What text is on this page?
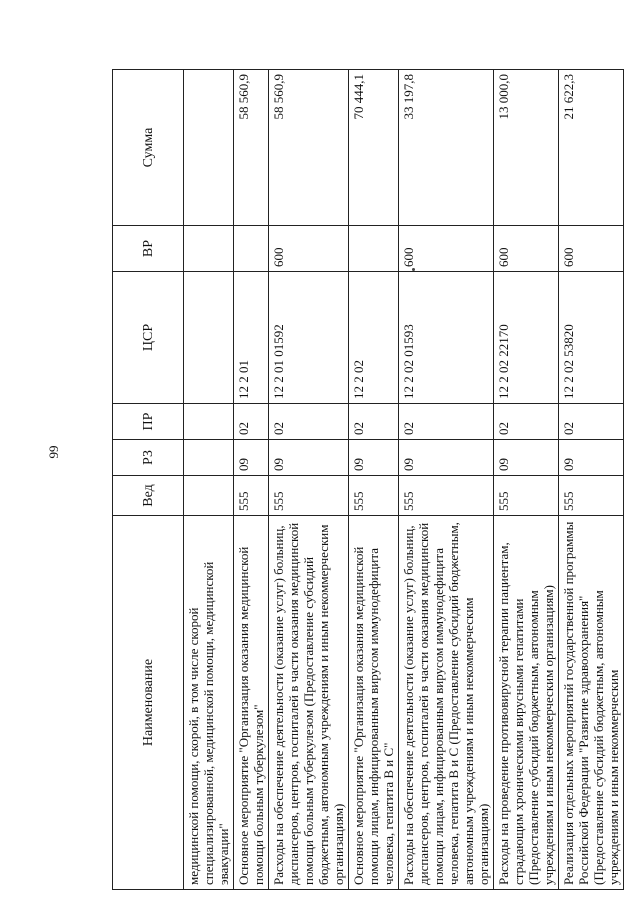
99
Наименование	Вед	РЗ	ПР	ЦСР	ВР	Сумма
медицинской помощи, скорой, в том числе скорой специализированной, медицинской помощи, медицинской эвакуации"						
Основное мероприятие "Организация оказания медицинской помощи больным туберкулезом"	555	09	02	12 2 01		58 560,9
Расходы на обеспечение деятельности (оказание услуг) больниц, диспансеров, центров, госпиталей в части оказания медицинской помощи больным туберкулезом (Предоставление субсидий бюджетным, автономным учреждениям и иным некоммерческим организациям)	555	09	02	12 2 01 01592	600	58 560,9
Основное мероприятие "Организация оказания медицинской помощи лицам, инфицированным вирусом иммунодефицита человека, гепатита В и С"	555	09	02	12 2 02		70 444,1
Расходы на обеспечение деятельности (оказание услуг) больниц, диспансеров, центров, госпиталей в части оказания медицинской помощи лицам, инфицированным вирусом иммунодефицита человека, гепатита В и С (Предоставление субсидий бюджетным, автономным учреждениям и иным некоммерческим организациям)	555	09	02	12 2 02 01593	600	33 197,8
Расходы на проведение противовирусной терапии пациентам, страдающим хроническими вирусными гепатитами (Предоставление субсидий бюджетным, автономным учреждениям и иным некоммерческим организациям)	555	09	02	12 2 02 22170	600	13 000,0
Реализация отдельных мероприятий государственной программы Российской Федерации "Развитие здравоохранения" (Предоставление субсидий бюджетным, автономным учреждениям и иным некоммерческим	555	09	02	12 2 02 53820	600	21 622,3
